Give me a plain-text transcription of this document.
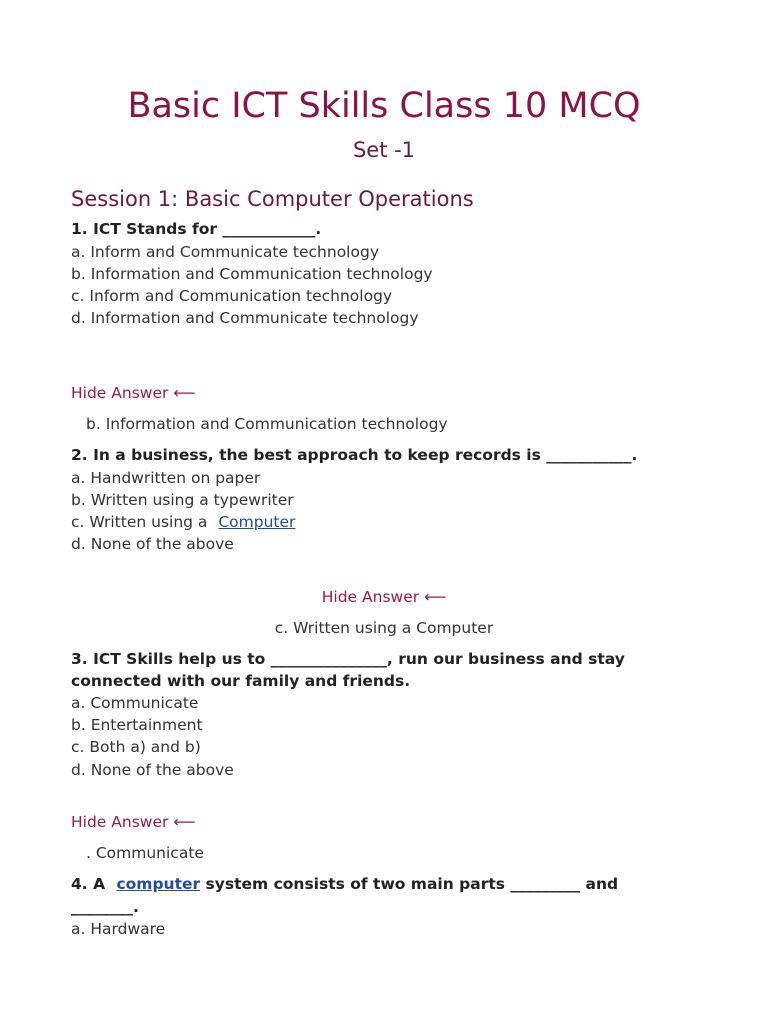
Basic ICT Skills Class 10 MCQ
Set -1
Session 1: Basic Computer Operations
1. ICT Stands for ____________.
a. Inform and Communicate technology
b. Information and Communication technology
c. Inform and Communication technology
d. Information and Communicate technology
Hide Answer ⟵
b. Information and Communication technology
2. In a business, the best approach to keep records is ___________.
a. Handwritten on paper
b. Written using a typewriter
c. Written using a Computer
d. None of the above
Hide Answer ⟵
c. Written using a Computer
3. ICT Skills help us to _______________, run our business and stay
connected with our family and friends.
a. Communicate
b. Entertainment
c. Both a) and b)
d. None of the above
Hide Answer ⟵
. Communicate
4. A computer system consists of two main parts _________ and
________.
a. Hardware
